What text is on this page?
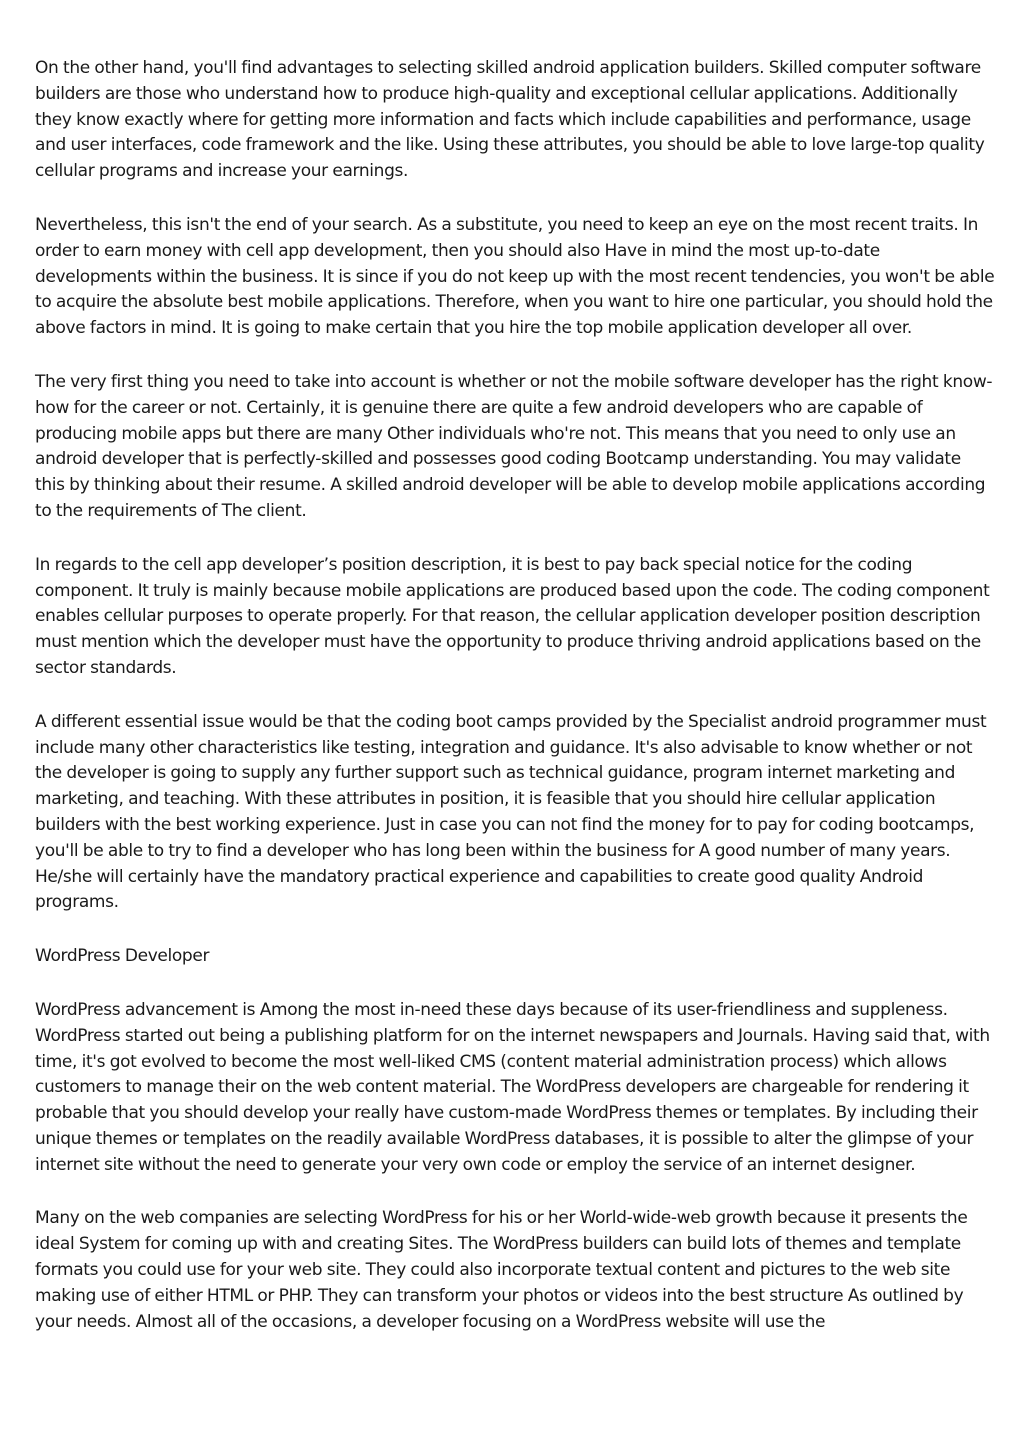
On the other hand, you'll find advantages to selecting skilled android application builders. Skilled computer software builders are those who understand how to produce high-quality and exceptional cellular applications. Additionally they know exactly where for getting more information and facts which include capabilities and performance, usage and user interfaces, code framework and the like. Using these attributes, you should be able to love large-top quality cellular programs and increase your earnings.

Nevertheless, this isn't the end of your search. As a substitute, you need to keep an eye on the most recent traits. In order to earn money with cell app development, then you should also Have in mind the most up-to-date developments within the business. It is since if you do not keep up with the most recent tendencies, you won't be able to acquire the absolute best mobile applications. Therefore, when you want to hire one particular, you should hold the above factors in mind. It is going to make certain that you hire the top mobile application developer all over.

The very first thing you need to take into account is whether or not the mobile software developer has the right know-how for the career or not. Certainly, it is genuine there are quite a few android developers who are capable of producing mobile apps but there are many Other individuals who're not. This means that you need to only use an android developer that is perfectly-skilled and possesses good coding Bootcamp understanding. You may validate this by thinking about their resume. A skilled android developer will be able to develop mobile applications according to the requirements of The client.

In regards to the cell app developer’s position description, it is best to pay back special notice for the coding component. It truly is mainly because mobile applications are produced based upon the code. The coding component enables cellular purposes to operate properly. For that reason, the cellular application developer position description must mention which the developer must have the opportunity to produce thriving android applications based on the sector standards.

A different essential issue would be that the coding boot camps provided by the Specialist android programmer must include many other characteristics like testing, integration and guidance. It's also advisable to know whether or not the developer is going to supply any further support such as technical guidance, program internet marketing and marketing, and teaching. With these attributes in position, it is feasible that you should hire cellular application builders with the best working experience. Just in case you can not find the money for to pay for coding bootcamps, you'll be able to try to find a developer who has long been within the business for A good number of many years. He/she will certainly have the mandatory practical experience and capabilities to create good quality Android programs.

WordPress Developer

WordPress advancement is Among the most in-need these days because of its user-friendliness and suppleness. WordPress started out being a publishing platform for on the internet newspapers and Journals. Having said that, with time, it's got evolved to become the most well-liked CMS (content material administration process) which allows customers to manage their on the web content material. The WordPress developers are chargeable for rendering it probable that you should develop your really have custom-made WordPress themes or templates. By including their unique themes or templates on the readily available WordPress databases, it is possible to alter the glimpse of your internet site without the need to generate your very own code or employ the service of an internet designer.

Many on the web companies are selecting WordPress for his or her World-wide-web growth because it presents the ideal System for coming up with and creating Sites. The WordPress builders can build lots of themes and template formats you could use for your web site. They could also incorporate textual content and pictures to the web site making use of either HTML or PHP. They can transform your photos or videos into the best structure As outlined by your needs. Almost all of the occasions, a developer focusing on a WordPress website will use the
